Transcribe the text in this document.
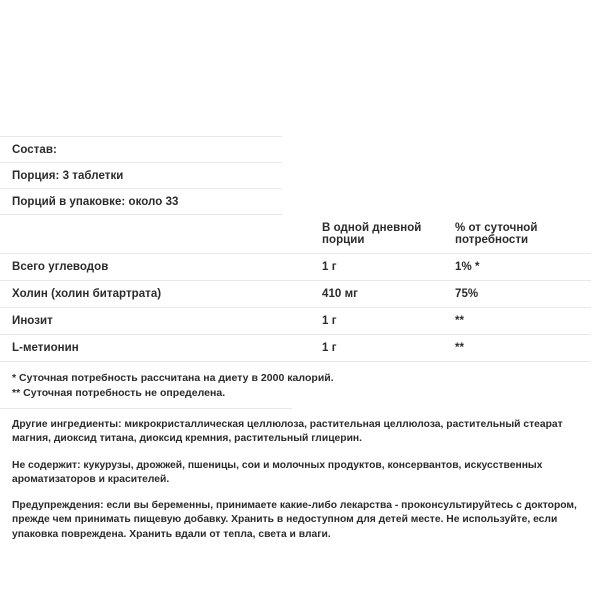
Состав:
Порция: 3 таблетки
Порций в упаковке: около 33
	В одной дневной порции	% от суточной потребности

Всего углеводов	1 г	1% *

Холин (холин битартрата)	410 мг	75%

Инозит	1 г	**

L-метионин	1 г	**

* Суточная потребность рассчитана на диету в 2000 калорий.
** Суточная потребность не определена.

Другие ингредиенты: микрокристаллическая целлюлоза, растительная целлюлоза, растительный стеарат магния, диоксид титана, диоксид кремния, растительный глицерин.

Не содержит: кукурузы, дрожжей, пшеницы, сои и молочных продуктов, консервантов, искусственных ароматизаторов и красителей.

Предупреждения: если вы беременны, принимаете какие-либо лекарства - проконсультируйтесь с доктором, прежде чем принимать пищевую добавку. Хранить в недоступном для детей месте. Не используйте, если упаковка повреждена. Хранить вдали от тепла, света и влаги.
